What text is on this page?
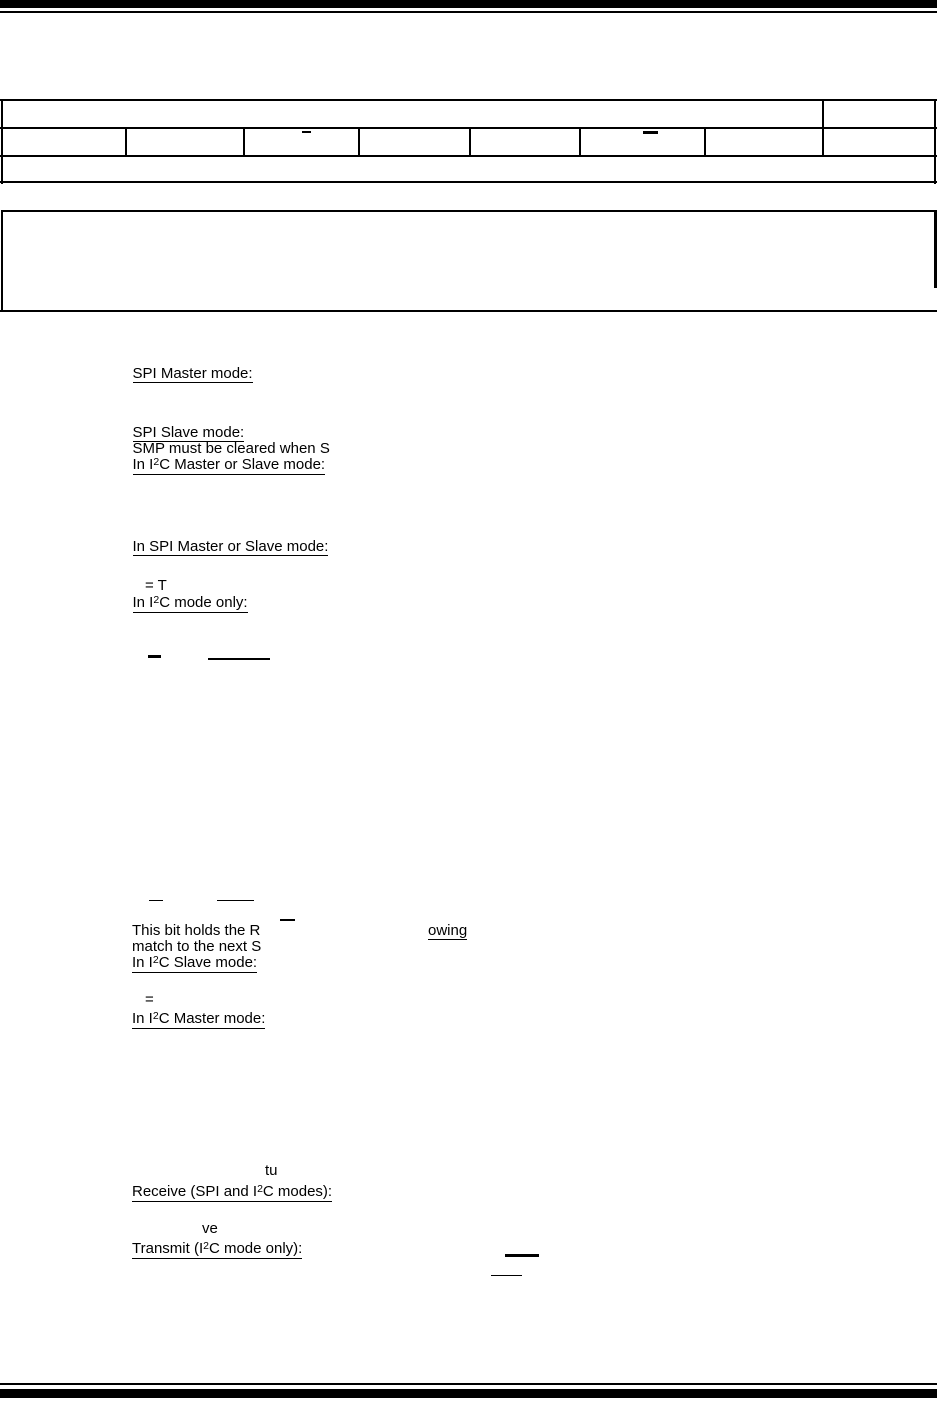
SPI Master mode:
SPI Slave mode:
SMP must be cleared when S
In $I^2C$ Master or Slave mode:
In SPI Master or Slave mode:
= T
In $I^2C$ mode only:
This bit holds the R	owing
match to the next S
In $I^2C$ Slave mode:
=
In $I^2C$ Master mode:
tu
Receive (SPI and $I^2C$ modes):
ve
Transmit ($I^2C$ mode only):
